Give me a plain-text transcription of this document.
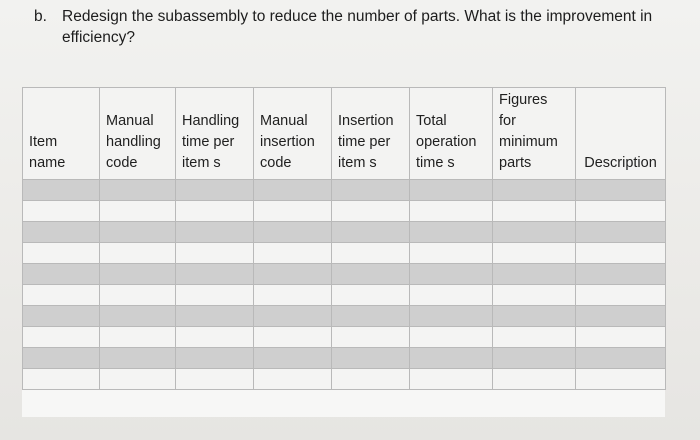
b. Redesign the subassembly to reduce the number of parts. What is the improvement in efficiency?
Item
name	Manual
handling
code	Handling
time per
item s	Manual
insertion
code	Insertion
time per
item s	Total
operation
time s	Figures
for
minimum
parts	Description
